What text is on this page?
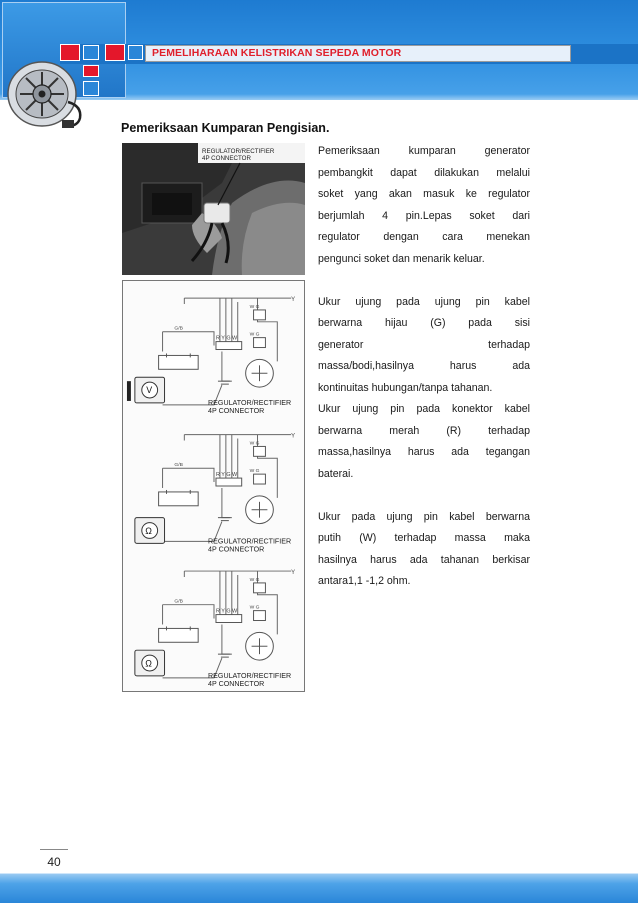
PEMELIHARAAN KELISTRIKAN SEPEDA MOTOR
Pemeriksaan Kumparan Pengisian.
REGULATOR/RECTIFIER
4P CONNECTOR
Y
G/B
R Y G W
W G
W G
V
REGULATOR/RECTIFIER
4P CONNECTOR
Y
G/B
R Y G W
W G
W G
Ω
REGULATOR/RECTIFIER
4P CONNECTOR
Y
G/B
R Y G W
W G
W G
Ω
REGULATOR/RECTIFIER
4P CONNECTOR

Pemeriksaan kumparan generator

pembangkit dapat dilakukan melalui

soket yang akan masuk ke regulator

berjumlah 4 pin.Lepas soket dari

regulator dengan cara menekan

pengunci soket dan menarik keluar.

Ukur ujung pada ujung pin kabel

berwarna hijau (G) pada sisi

generator terhadap

massa/bodi,hasilnya harus ada

kontinuitas hubungan/tanpa tahanan.

Ukur ujung pin pada konektor kabel

berwarna merah (R) terhadap

massa,hasilnya harus ada tegangan

baterai.

Ukur pada ujung pin kabel berwarna

putih (W) terhadap massa maka

hasilnya harus ada tahanan berkisar

antara1,1 -1,2 ohm.

40
